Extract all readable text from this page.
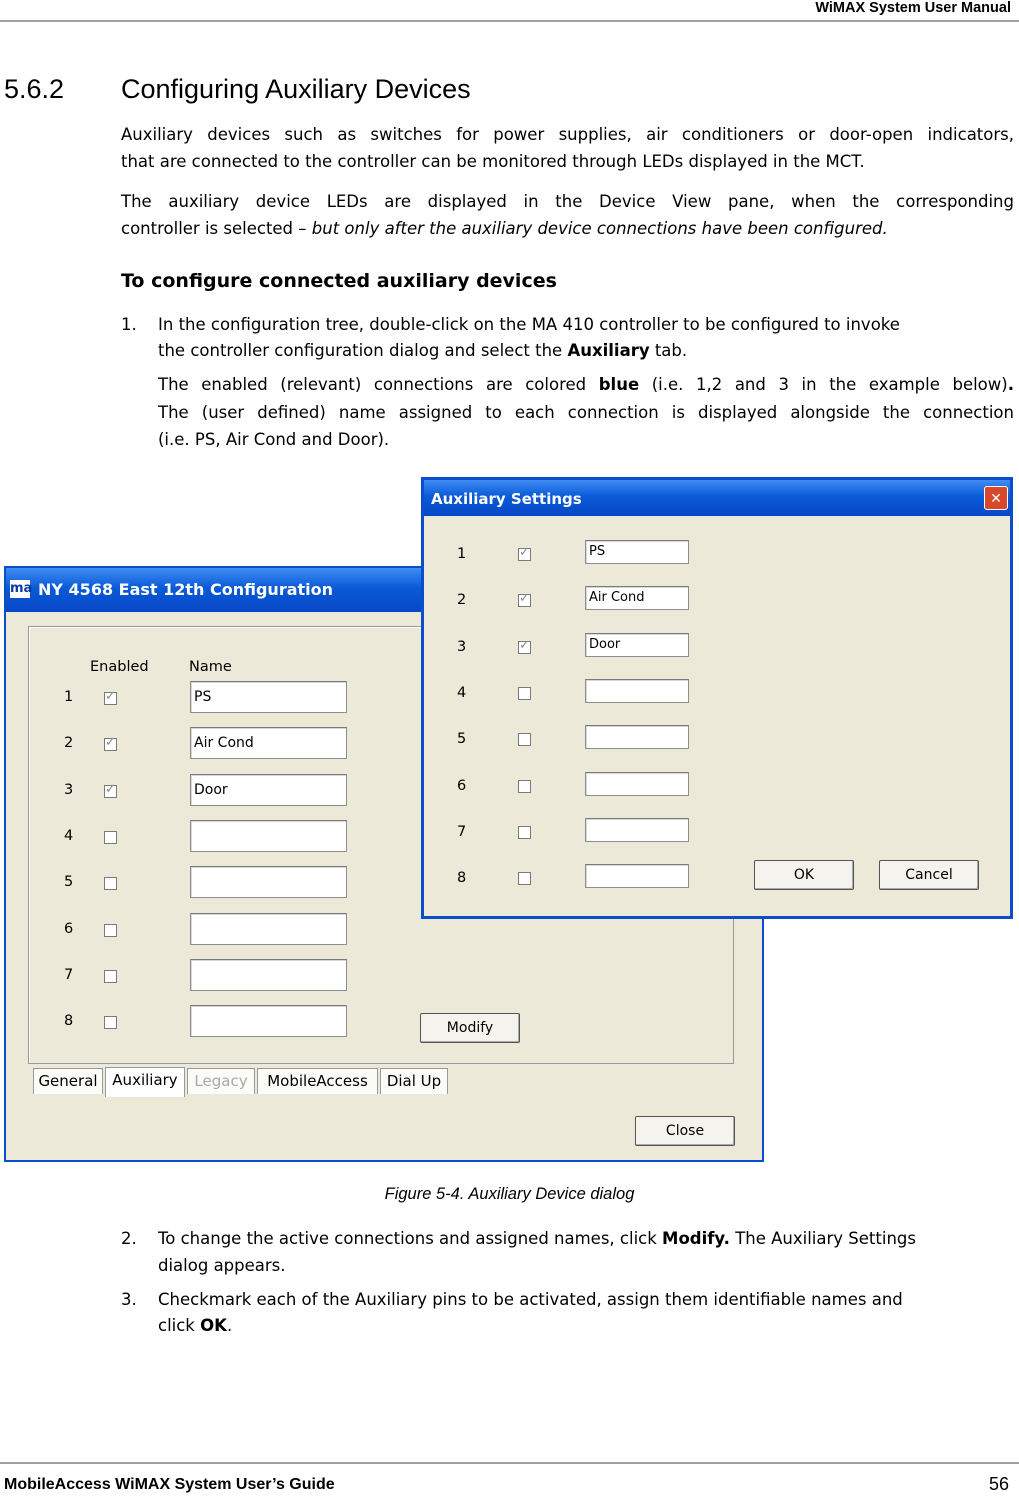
WiMAX System User Manual
5.6.2 Configuring Auxiliary Devices
Auxiliary devices such as switches for power supplies, air conditioners or door-open indicators,
that are connected to the controller can be monitored through LEDs displayed in the MCT.
The auxiliary device LEDs are displayed in the Device View pane, when the corresponding
controller is selected – but only after the auxiliary device connections have been configured.
To configure connected auxiliary devices
1. In the configuration tree, double-click on the MA 410 controller to be configured to invoke
the controller configuration dialog and select the Auxiliary tab.
The enabled (relevant) connections are colored blue (i.e. 1,2 and 3 in the example below).
The (user defined) name assigned to each connection is displayed alongside the connection
(i.e. PS, Air Cond and Door).
ma NY 4568 East 12th Configuration
Enabled	Name
1 ✓	PS
2 ✓	Air Cond
3 ✓	Door
4
5
6
7
8	Modify
General Auxiliary	Legacy	MobileAccess	Dial Up
Close
Auxiliary Settings	✕
1 ✓	PS
2 ✓	Air Cond
3 ✓	Door
4
5
6
7
8	OK	Cancel
Figure 5-4. Auxiliary Device dialog
2. To change the active connections and assigned names, click Modify. The Auxiliary Settings
dialog appears.
3. Checkmark each of the Auxiliary pins to be activated, assign them identifiable names and
click OK.
MobileAccess WiMAX System User’s Guide	56
